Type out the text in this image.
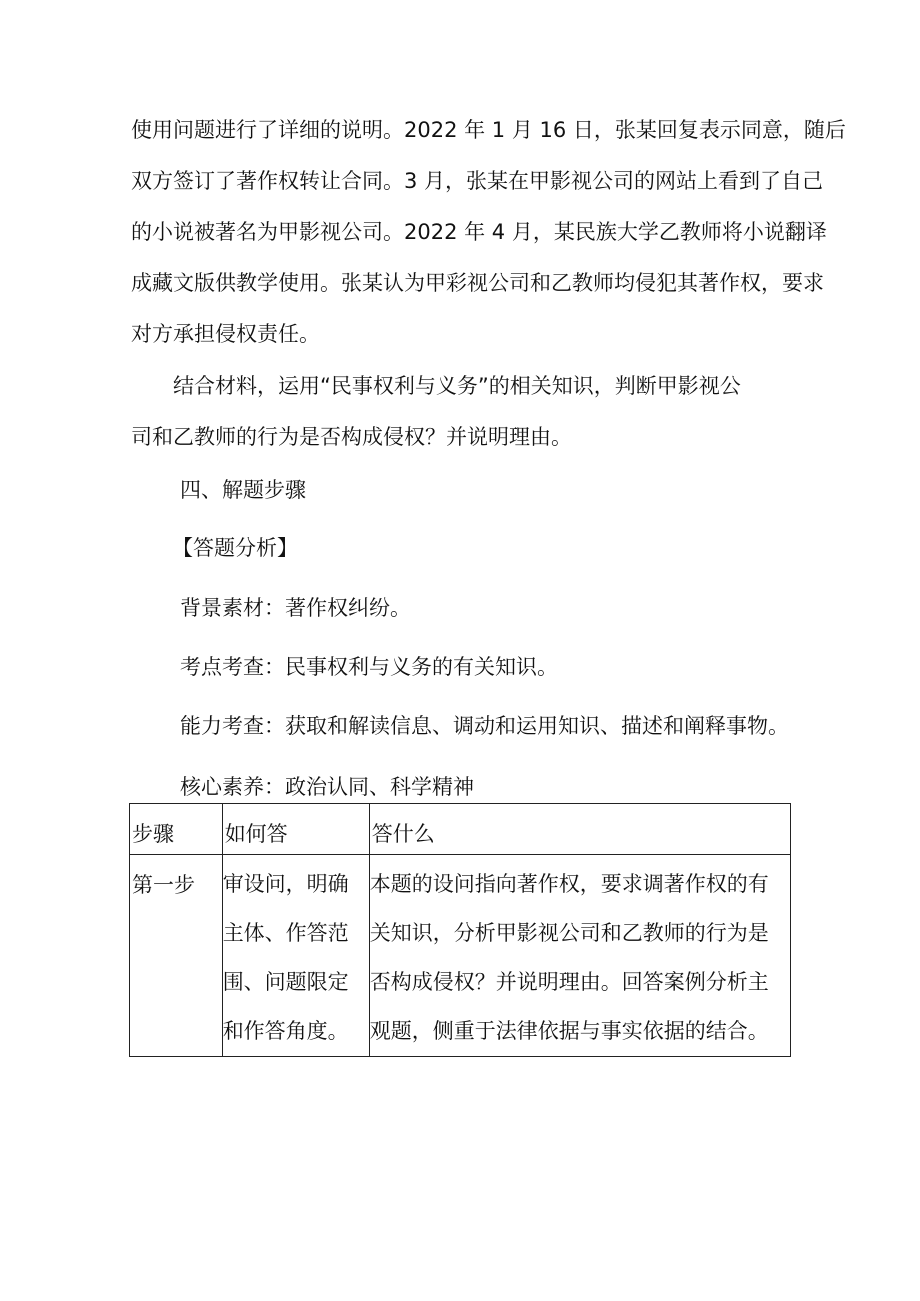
使用问题进行了详细的说明。2022 年 1 月 16 日，张某回复表示同意，随后
双方签订了著作权转让合同。3 月，张某在甲影视公司的网站上看到了自己
的小说被著名为甲影视公司。2022 年 4 月，某民族大学乙教师将小说翻译
成藏文版供教学使用。张某认为甲彩视公司和乙教师均侵犯其著作权，要求
对方承担侵权责任。

　　结合材料，运用“民事权利与义务”的相关知识，判断甲影视公
司和乙教师的行为是否构成侵权？并说明理由。

四、解题步骤

【答题分析】

背景素材：著作权纠纷。

考点考查：民事权利与义务的有关知识。

能力考查：获取和解读信息、调动和运用知识、描述和阐释事物。

核心素养：政治认同、科学精神

步骤	如何答	答什么

第一步	审设问，明确
主体、作答范
围、问题限定
和作答角度。	本题的设问指向著作权，要求调著作权的有
关知识，分析甲影视公司和乙教师的行为是
否构成侵权？并说明理由。回答案例分析主
观题，侧重于法律依据与事实依据的结合。
